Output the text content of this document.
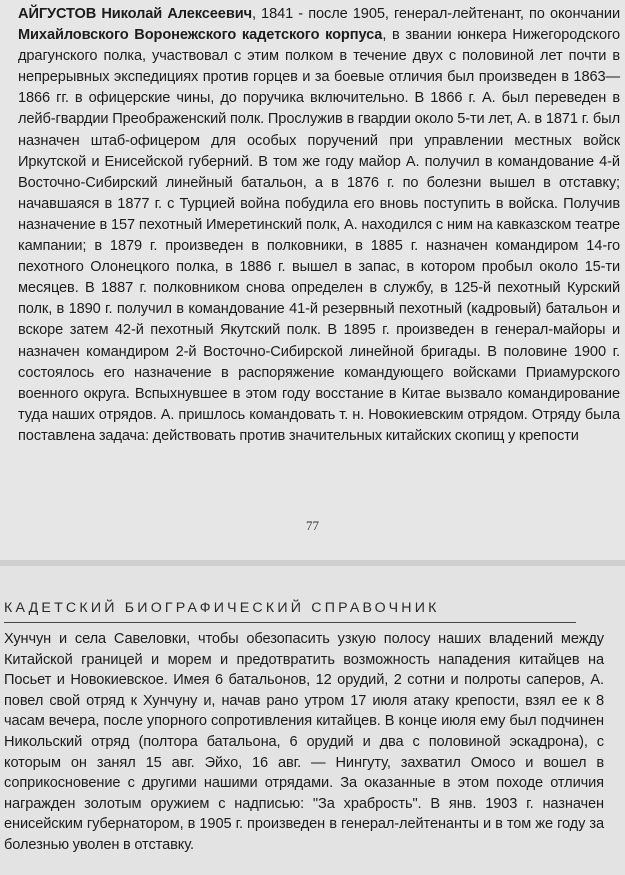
АЙГУСТОВ Николай Алексеевич, 1841 - после 1905, генерал-лейтенант, по окончании Михайловского Воронежского кадетского корпуса, в звании юнкера Нижегородского драгунского полка, участвовал с этим полком в течение двух с половиной лет почти в непрерывных экспедициях против горцев и за боевые отличия был произведен в 1863—1866 гг. в офицерские чины, до поручика включительно. В 1866 г. А. был переведен в лейб-гвардии Преображенский полк. Прослужив в гвардии около 5-ти лет, А. в 1871 г. был назначен штаб-офицером для особых поручений при управлении местных войск Иркутской и Енисейской губерний. В том же году майор А. получил в командование 4-й Восточно-Сибирский линейный батальон, а в 1876 г. по болезни вышел в отставку; начавшаяся в 1877 г. с Турцией война побудила его вновь поступить в войска. Получив назначение в 157 пехотный Имеретинский полк, А. находился с ним на кавказском театре кампании; в 1879 г. произведен в полковники, в 1885 г. назначен командиром 14-го пехотного Олонецкого полка, в 1886 г. вышел в запас, в котором пробыл около 15-ти месяцев. В 1887 г. полковником снова определен в службу, в 125-й пехотный Курский полк, в 1890 г. получил в командование 41-й резервный пехотный (кадровый) батальон и вскоре затем 42-й пехотный Якутский полк. В 1895 г. произведен в генерал-майоры и назначен командиром 2-й Восточно-Сибирской линейной бригады. В половине 1900 г. состоялось его назначение в распоряжение командующего войсками Приамурского военного округа. Вспыхнувшее в этом году восстание в Китае вызвало командирование туда наших отрядов. А. пришлось командовать т. н. Новокиевским отрядом. Отряду была поставлена задача: действовать против значительных китайских скопищ у крепости

77
КАДЕТСКИЙ БИОГРАФИЧЕСКИЙ СПРАВОЧНИК

Хунчун и села Савеловки, чтобы обезопасить узкую полосу наших владений между Китайской границей и морем и предотвратить возможность нападения китайцев на Посьет и Новокиевское. Имея 6 батальонов, 12 орудий, 2 сотни и полроты саперов, А. повел свой отряд к Хунчуну и, начав рано утром 17 июля атаку крепости, взял ее к 8 часам вечера, после упорного сопротивления китайцев. В конце июля ему был подчинен Никольский отряд (полтора батальона, 6 орудий и два с половиной эскадрона), с которым он занял 15 авг. Эйхо, 16 авг. — Нингуту, захватил Омосо и вошел в соприкосновение с другими нашими отрядами. За оказанные в этом походе отличия награжден золотым оружием с надписью: "За храбрость". В янв. 1903 г. назначен енисейским губернатором, в 1905 г. произведен в генерал-лейтенанты и в том же году за болезнью уволен в отставку.
